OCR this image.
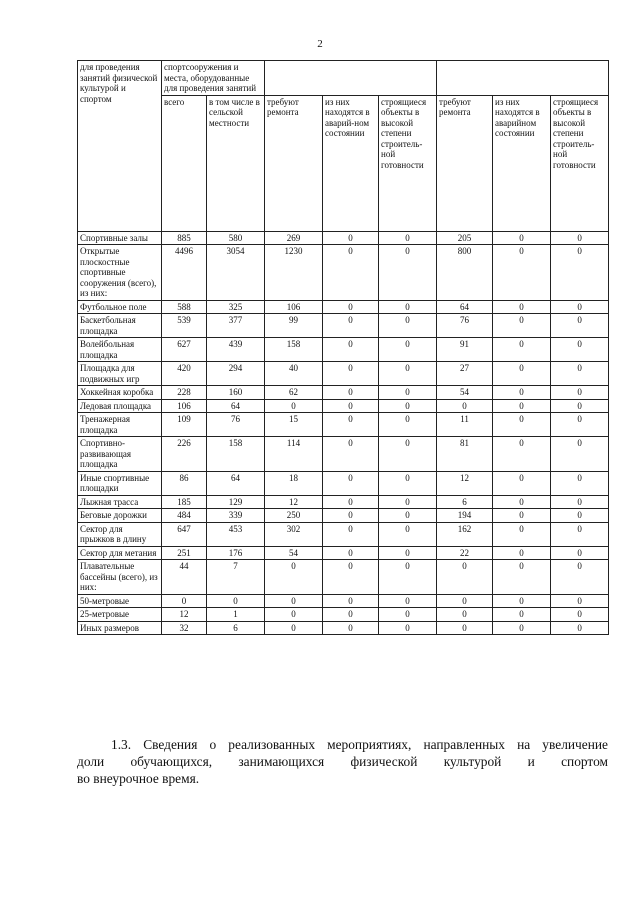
2
для проведения занятий физической культурой и спортом	спортсооружения и места, оборудованные для проведения занятий							
	всего	в том числе в сельской местности	требуют ремонта	из них находятся в аварий-ном состоянии	строящиеся объекты в высокой степени строитель-ной готовности	требуют ремонта	из них находятся в аварийном состоянии	строящиеся объекты в высокой степени строитель-ной готовности
Спортивные залы	885	580	269	0	0	205	0	0
Открытые плоскостные спортивные сооружения (всего), из них:	4496	3054	1230	0	0	800	0	0
Футбольное поле	588	325	106	0	0	64	0	0
Баскетбольная площадка	539	377	99	0	0	76	0	0
Волейбольная площадка	627	439	158	0	0	91	0	0
Площадка для подвижных игр	420	294	40	0	0	27	0	0
Хоккейная коробка	228	160	62	0	0	54	0	0
Ледовая площадка	106	64	0	0	0	0	0	0
Тренажерная площадка	109	76	15	0	0	11	0	0
Спортивно-развивающая площадка	226	158	114	0	0	81	0	0
Иные спортивные площадки	86	64	18	0	0	12	0	0
Лыжная трасса	185	129	12	0	0	6	0	0
Беговые дорожки	484	339	250	0	0	194	0	0
Сектор для прыжков в длину	647	453	302	0	0	162	0	0
Сектор для метания	251	176	54	0	0	22	0	0
Плавательные бассейны (всего), из них:	44	7	0	0	0	0	0	0
50-метровые	0	0	0	0	0	0	0	0
25-метровые	12	1	0	0	0	0	0	0
Иных размеров	32	6	0	0	0	0	0	0
1.3. Сведения о реализованных мероприятиях, направленных на увеличение
доли обучающихся, занимающихся физической культурой и спортом
во внеурочное время.
